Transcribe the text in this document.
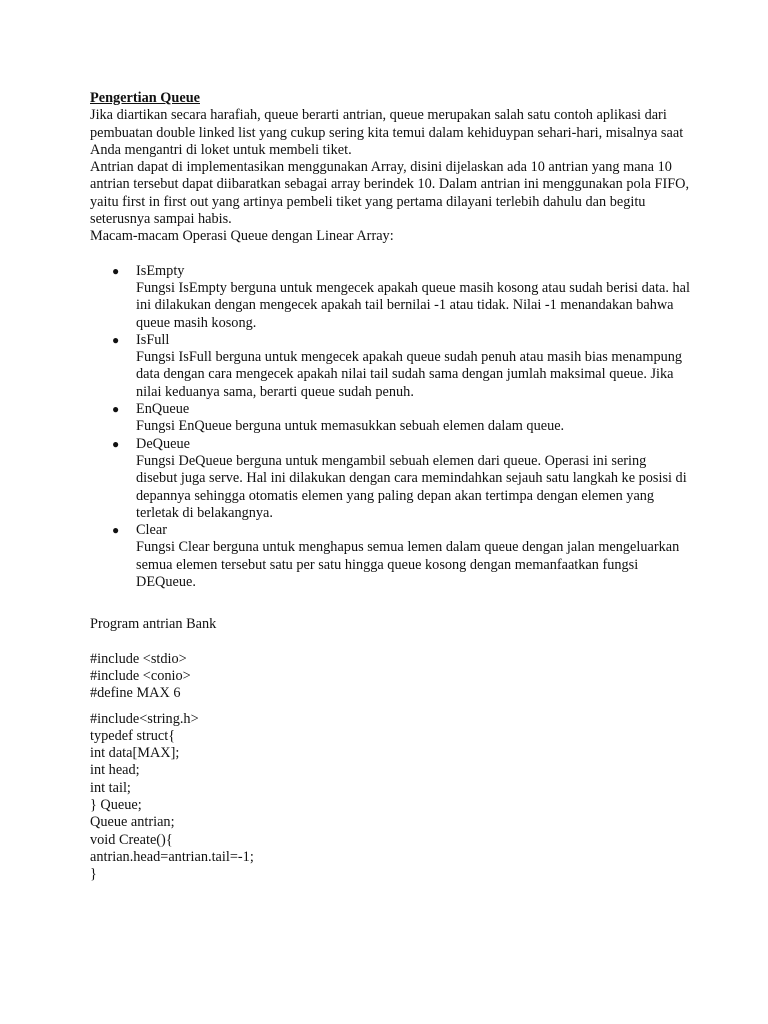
Pengertian Queue
Jika diartikan secara harafiah, queue berarti antrian, queue merupakan salah satu contoh aplikasi dari pembuatan double linked list yang cukup sering kita temui dalam kehiduypan sehari-hari, misalnya saat Anda mengantri di loket untuk membeli tiket.
Antrian dapat di implementasikan menggunakan Array, disini dijelaskan ada 10 antrian yang mana 10 antrian tersebut dapat diibaratkan sebagai array berindek 10. Dalam antrian ini menggunakan pola FIFO, yaitu first in first out yang artinya pembeli tiket yang pertama dilayani terlebih dahulu dan begitu seterusnya sampai habis.
Macam-macam Operasi Queue dengan Linear Array:
● IsEmpty
Fungsi IsEmpty berguna untuk mengecek apakah queue masih kosong atau sudah berisi data. hal ini dilakukan dengan mengecek apakah tail bernilai -1 atau tidak. Nilai -1 menandakan bahwa queue masih kosong.
● IsFull
Fungsi IsFull berguna untuk mengecek apakah queue sudah penuh atau masih bias menampung data dengan cara mengecek apakah nilai tail sudah sama dengan jumlah maksimal queue. Jika nilai keduanya sama, berarti queue sudah penuh.
● EnQueue
Fungsi EnQueue berguna untuk memasukkan sebuah elemen dalam queue.
● DeQueue
Fungsi DeQueue berguna untuk mengambil sebuah elemen dari queue. Operasi ini sering disebut juga serve. Hal ini dilakukan dengan cara memindahkan sejauh satu langkah ke posisi di depannya sehingga otomatis elemen yang paling depan akan tertimpa dengan elemen yang terletak di belakangnya.
● Clear
Fungsi Clear berguna untuk menghapus semua lemen dalam queue dengan jalan mengeluarkan semua elemen tersebut satu per satu hingga queue kosong dengan memanfaatkan fungsi DEQueue.
Program antrian Bank
#include <stdio>
#include <conio>
#define MAX 6
#include<string.h>
typedef struct{
int data[MAX];
int head;
int tail;
} Queue;
Queue antrian;
void Create(){
antrian.head=antrian.tail=-1;
}
